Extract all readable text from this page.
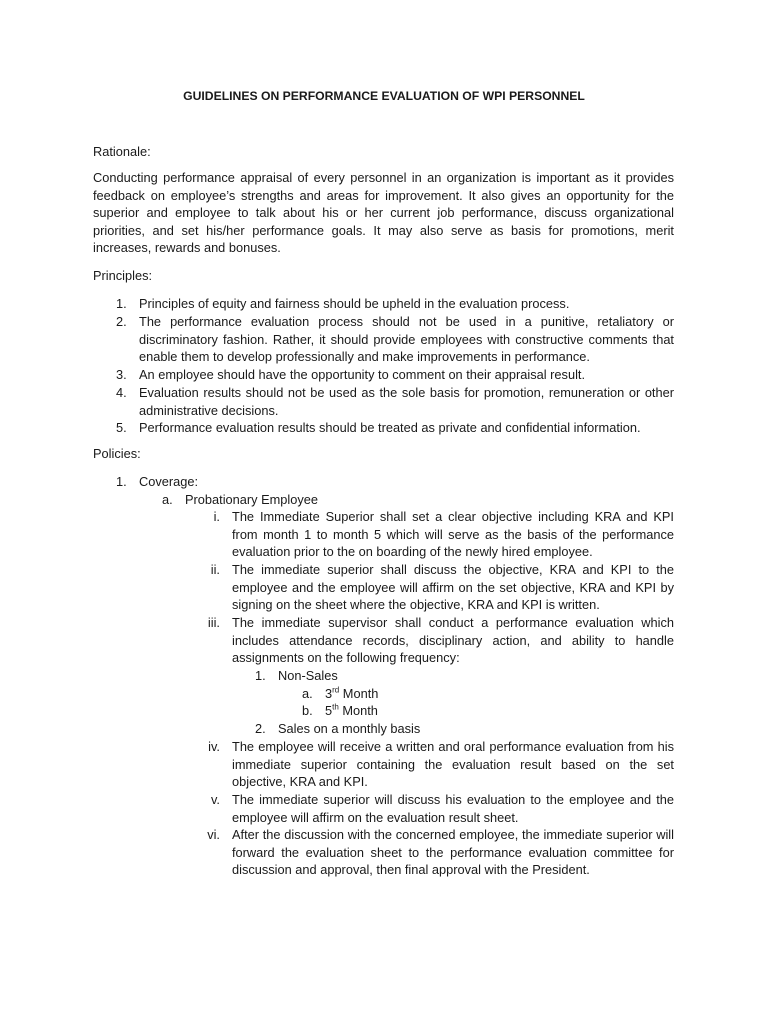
GUIDELINES ON PERFORMANCE EVALUATION OF WPI PERSONNEL
Rationale:
Conducting performance appraisal of every personnel in an organization is important as it provides feedback on employee’s strengths and areas for improvement. It also gives an opportunity for the superior and employee to talk about his or her current job performance, discuss organizational priorities, and set his/her performance goals. It may also serve as basis for promotions, merit increases, rewards and bonuses.
Principles:
1. Principles of equity and fairness should be upheld in the evaluation process.
2. The performance evaluation process should not be used in a punitive, retaliatory or discriminatory fashion. Rather, it should provide employees with constructive comments that enable them to develop professionally and make improvements in performance.
3. An employee should have the opportunity to comment on their appraisal result.
4. Evaluation results should not be used as the sole basis for promotion, remuneration or other administrative decisions.
5. Performance evaluation results should be treated as private and confidential information.
Policies:
1. Coverage:
a. Probationary Employee
i. The Immediate Superior shall set a clear objective including KRA and KPI from month 1 to month 5 which will serve as the basis of the performance evaluation prior to the on boarding of the newly hired employee.
ii. The immediate superior shall discuss the objective, KRA and KPI to the employee and the employee will affirm on the set objective, KRA and KPI by signing on the sheet where the objective, KRA and KPI is written.
iii. The immediate supervisor shall conduct a performance evaluation which includes attendance records, disciplinary action, and ability to handle assignments on the following frequency:
1. Non-Sales
a. 3rd Month
b. 5th Month
2. Sales on a monthly basis
iv. The employee will receive a written and oral performance evaluation from his immediate superior containing the evaluation result based on the set objective, KRA and KPI.
v. The immediate superior will discuss his evaluation to the employee and the employee will affirm on the evaluation result sheet.
vi. After the discussion with the concerned employee, the immediate superior will forward the evaluation sheet to the performance evaluation committee for discussion and approval, then final approval with the President.
